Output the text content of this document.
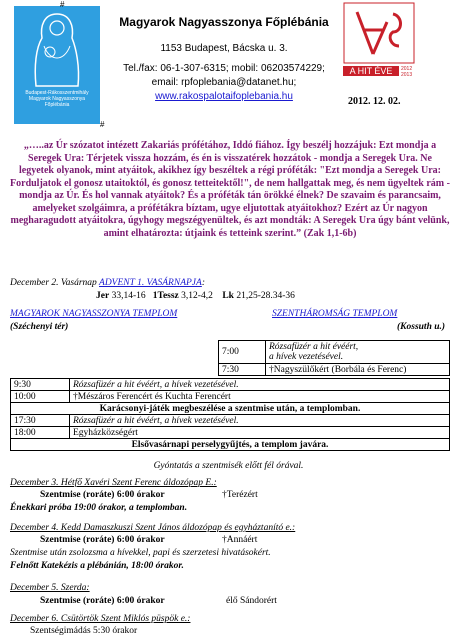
Budapest-Rákosszentmihály Magyarok Nagyasszonya Főplébánia
#
#
Magyarok Nagyasszonya Főplébánia
1153 Budapest, Bácska u. 3.
Tel./fax: 06-1-307-6315; mobil: 06203574229;
email: rpfoplebania@datanet.hu;
www.rakospalotaifoplebania.hu
A HIT ÉVE	2012 2013
2012. 12. 02.
„…..az Úr szózatot intézett Zakariás prófétához, Iddó fiához. Így beszélj hozzájuk: Ezt mondja a Seregek Ura: Térjetek vissza hozzám, és én is visszatérek hozzátok - mondja a Seregek Ura. Ne legyetek olyanok, mint atyáitok, akikhez így beszéltek a régi próféták: "Ezt mondja a Seregek Ura: Forduljatok el gonosz utaitoktól, és gonosz tetteitektől!", de nem hallgattak meg, és nem ügyeltek rám - mondja az Úr. És hol vannak atyáitok? És a próféták tán örökké élnek? De szavaim és parancsaim, amelyeket szolgáimra, a prófétákra bíztam, ugye eljutottak atyáitokhoz? Ezért az Úr nagyon megharagudott atyáitokra, úgyhogy megszégyenültek, és azt mondták: A Seregek Ura úgy bánt velünk, amint elhatározta: útjaink és tetteink szerint.” (Zak 1,1-6b)
December 2. Vasárnap ADVENT 1. VASÁRNAPJA:
Jer 33,14-16 1Tessz 3,12-4,2 Lk 21,25-28.34-36
MAGYAROK NAGYASSZONYA TEMPLOM
(Széchenyi tér)
SZENTHÁROMSÁG TEMPLOM
(Kossuth u.)
7:00	Rózsafüzér a hit évéért,
a hívek vezetésével.
7:30	†Nagyszülőkért (Borbála és Ferenc)
9:30	Rózsafüzér a hit évéért, a hívek vezetésével.
10:00	†Mészáros Ferencért és Kuchta Ferencért
Karácsonyi-játék megbeszélése a szentmise után, a templomban.	
17:30	Rózsafüzér a hit évéért, a hívek vezetésével.
18:00	Egyházközségért
Elsővasárnapi perselygyűjtés, a templom javára.	
Gyóntatás a szentmisék előtt fél órával.
December 3. Hétfő Xavéri Szent Ferenc áldozópap E.:
Szentmise (roráte) 6:00 órakor	†Terézért
Énekkari próba 19:00 órakor, a templomban.
December 4. Kedd Damaszkuszi Szent János áldozópap és egyháztanító e.:
Szentmise (roráte) 6:00 órakor	†Annáért
Szentmise után zsolozsma a hívekkel, papi és szerzetesi hivatásokért.
Felnőtt Katekézis a plébánián, 18:00 órakor.
December 5. Szerda:
Szentmise (roráte) 6:00 órakor	élő Sándorért
December 6. Csütörtök Szent Miklós püspök e.:
Szentségimádás 5:30 órakor
